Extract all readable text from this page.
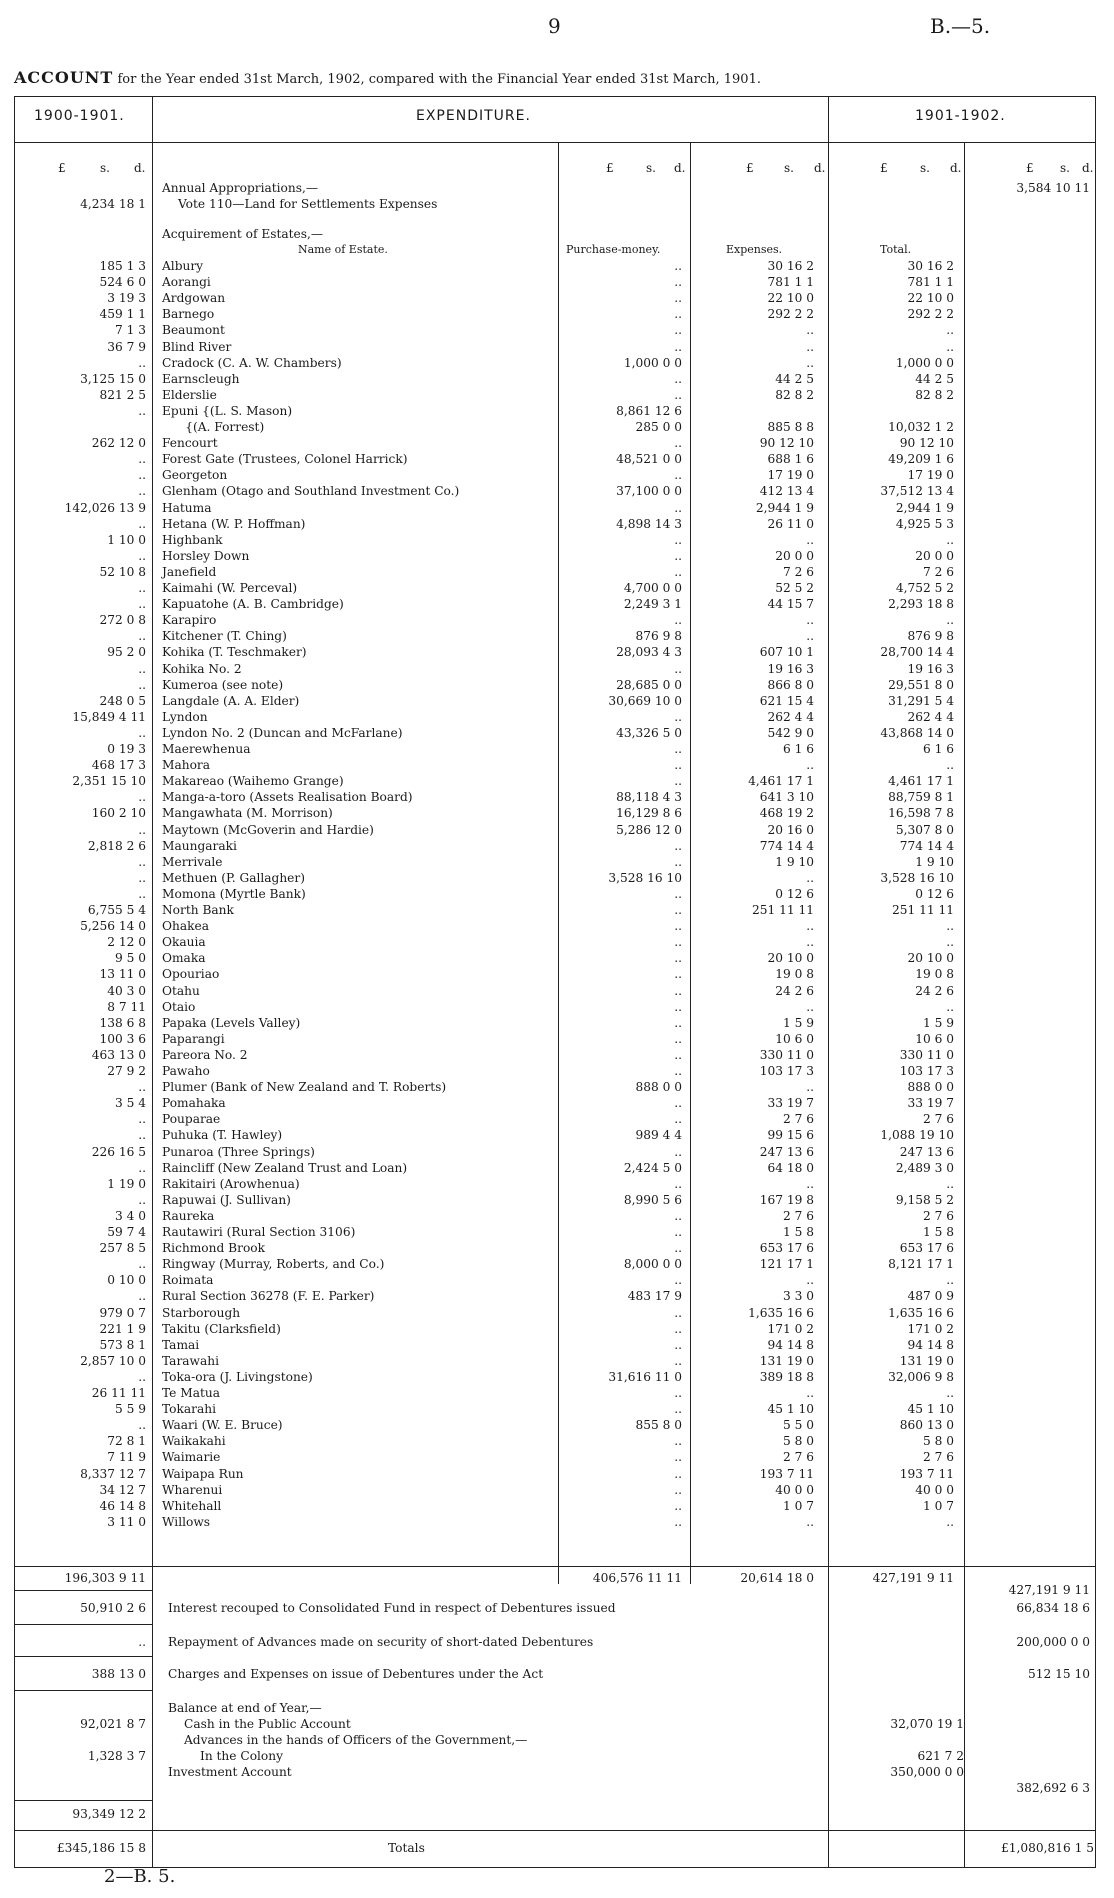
9	B.—5.
ACCOUNT for the Year ended 31st March, 1902, compared with the Financial Year ended 31st March, 1901.
1900-1901.	EXPENDITURE.	1901-1902.
£	s. d.	£	s. d.	£	s. d.	£	s. d.	£ s. d.
Annual Appropriations,—	3,584 10 11
4,234 18 1	Vote 110—Land for Settlements Expenses
Acquirement of Estates,—
Name of Estate.	Purchase-money.	Expenses.	Total.
185 1 3 Albury	..	30 16 2	30 16 2
524 6 0 Aorangi	..	781 1 1	781 1 1
3 19 3 Ardgowan	..	22 10 0	22 10 0
459 1 1 Barnego	..	292 2 2	292 2 2
7 1 3 Beaumont	..	..	..
36 7 9 Blind River	..	..	..
.. Cradock (C. A. W. Chambers)	1,000 0 0	..	1,000 0 0
3,125 15 0 Earnscleugh	..	44 2 5	44 2 5
821 2 5 Elderslie	..	82 8 2	82 8 2
.. Epuni {(L. S. Mason)	8,861 12 6
{(A. Forrest)	285 0 0	885 8 8	10,032 1 2
262 12 0 Fencourt	..	90 12 10	90 12 10
.. Forest Gate (Trustees, Colonel Harrick)	48,521 0 0	688 1 6	49,209 1 6
.. Georgeton	..	17 19 0	17 19 0
.. Glenham (Otago and Southland Investment Co.)	37,100 0 0	412 13 4	37,512 13 4
142,026 13 9 Hatuma	..	2,944 1 9	2,944 1 9
.. Hetana (W. P. Hoffman)	4,898 14 3	26 11 0	4,925 5 3
1 10 0 Highbank	..	..	..
.. Horsley Down	..	20 0 0	20 0 0
52 10 8 Janefield	..	7 2 6	7 2 6
.. Kaimahi (W. Perceval)	4,700 0 0	52 5 2	4,752 5 2
.. Kapuatohe (A. B. Cambridge)	2,249 3 1	44 15 7	2,293 18 8
272 0 8 Karapiro	..	..	..
.. Kitchener (T. Ching)	876 9 8	..	876 9 8
95 2 0 Kohika (T. Teschmaker)	28,093 4 3	607 10 1	28,700 14 4
.. Kohika No. 2	..	19 16 3	19 16 3
.. Kumeroa (see note)	28,685 0 0	866 8 0	29,551 8 0
248 0 5 Langdale (A. A. Elder)	30,669 10 0	621 15 4	31,291 5 4
15,849 4 11 Lyndon	..	262 4 4	262 4 4
.. Lyndon No. 2 (Duncan and McFarlane)	43,326 5 0	542 9 0	43,868 14 0
0 19 3 Maerewhenua	..	6 1 6	6 1 6
468 17 3 Mahora	..	..	..
2,351 15 10 Makareao (Waihemo Grange)	..	4,461 17 1	4,461 17 1
.. Manga-a-toro (Assets Realisation Board)	88,118 4 3	641 3 10	88,759 8 1
160 2 10 Mangawhata (M. Morrison)	16,129 8 6	468 19 2	16,598 7 8
.. Maytown (McGoverin and Hardie)	5,286 12 0	20 16 0	5,307 8 0
2,818 2 6 Maungaraki	..	774 14 4	774 14 4
.. Merrivale	..	1 9 10	1 9 10
.. Methuen (P. Gallagher)	3,528 16 10	..	3,528 16 10
.. Momona (Myrtle Bank)	..	0 12 6	0 12 6
6,755 5 4 North Bank	..	251 11 11	251 11 11
5,256 14 0 Ohakea	..	..	..
2 12 0 Okauia	..	..	..
9 5 0 Omaka	..	20 10 0	20 10 0
13 11 0 Opouriao	..	19 0 8	19 0 8
40 3 0 Otahu	..	24 2 6	24 2 6
8 7 11 Otaio	..	..	..
138 6 8 Papaka (Levels Valley)	..	1 5 9	1 5 9
100 3 6 Paparangi	..	10 6 0	10 6 0
463 13 0 Pareora No. 2	..	330 11 0	330 11 0
27 9 2 Pawaho	..	103 17 3	103 17 3
.. Plumer (Bank of New Zealand and T. Roberts)	888 0 0	..	888 0 0
3 5 4 Pomahaka	..	33 19 7	33 19 7
.. Pouparae	..	2 7 6	2 7 6
.. Puhuka (T. Hawley)	989 4 4	99 15 6	1,088 19 10
226 16 5 Punaroa (Three Springs)	..	247 13 6	247 13 6
.. Raincliff (New Zealand Trust and Loan)	2,424 5 0	64 18 0	2,489 3 0
1 19 0 Rakitairi (Arowhenua)	..	..	..
.. Rapuwai (J. Sullivan)	8,990 5 6	167 19 8	9,158 5 2
3 4 0 Raureka	..	2 7 6	2 7 6
59 7 4 Rautawiri (Rural Section 3106)	..	1 5 8	1 5 8
257 8 5 Richmond Brook	..	653 17 6	653 17 6
.. Ringway (Murray, Roberts, and Co.)	8,000 0 0	121 17 1	8,121 17 1
0 10 0 Roimata	..	..	..
.. Rural Section 36278 (F. E. Parker)	483 17 9	3 3 0	487 0 9
979 0 7 Starborough	..	1,635 16 6	1,635 16 6
221 1 9 Takitu (Clarksfield)	..	171 0 2	171 0 2
573 8 1 Tamai	..	94 14 8	94 14 8
2,857 10 0 Tarawahi	..	131 19 0	131 19 0
.. Toka-ora (J. Livingstone)	31,616 11 0	389 18 8	32,006 9 8
26 11 11 Te Matua	..	..	..
5 5 9 Tokarahi	..	45 1 10	45 1 10
.. Waari (W. E. Bruce)	855 8 0	5 5 0	860 13 0
72 8 1 Waikakahi	..	5 8 0	5 8 0
7 11 9 Waimarie	..	2 7 6	2 7 6
8,337 12 7 Waipapa Run	..	193 7 11	193 7 11
34 12 7 Wharenui	..	40 0 0	40 0 0
46 14 8 Whitehall	..	1 0 7	1 0 7
3 11 0 Willows	..	..	..
196,303 9 11	406,576 11 11	20,614 18 0	427,191 9 11
427,191 9 11
50,910 2 6 Interest recouped to Consolidated Fund in respect of Debentures issued	66,834 18 6
.. Repayment of Advances made on security of short-dated Debentures	200,000 0 0
388 13 0 Charges and Expenses on issue of Debentures under the Act	512 15 10
Balance at end of Year,—
92,021 8 7	Cash in the Public Account	32,070 19 1
Advances in the hands of Officers of the Government,—
1,328 3 7	In the Colony	621 7 2
Investment Account	350,000 0 0
382,692 6 3
93,349 12 2
£345,186 15 8	Totals	£1,080,816 1 5
2—B. 5.
